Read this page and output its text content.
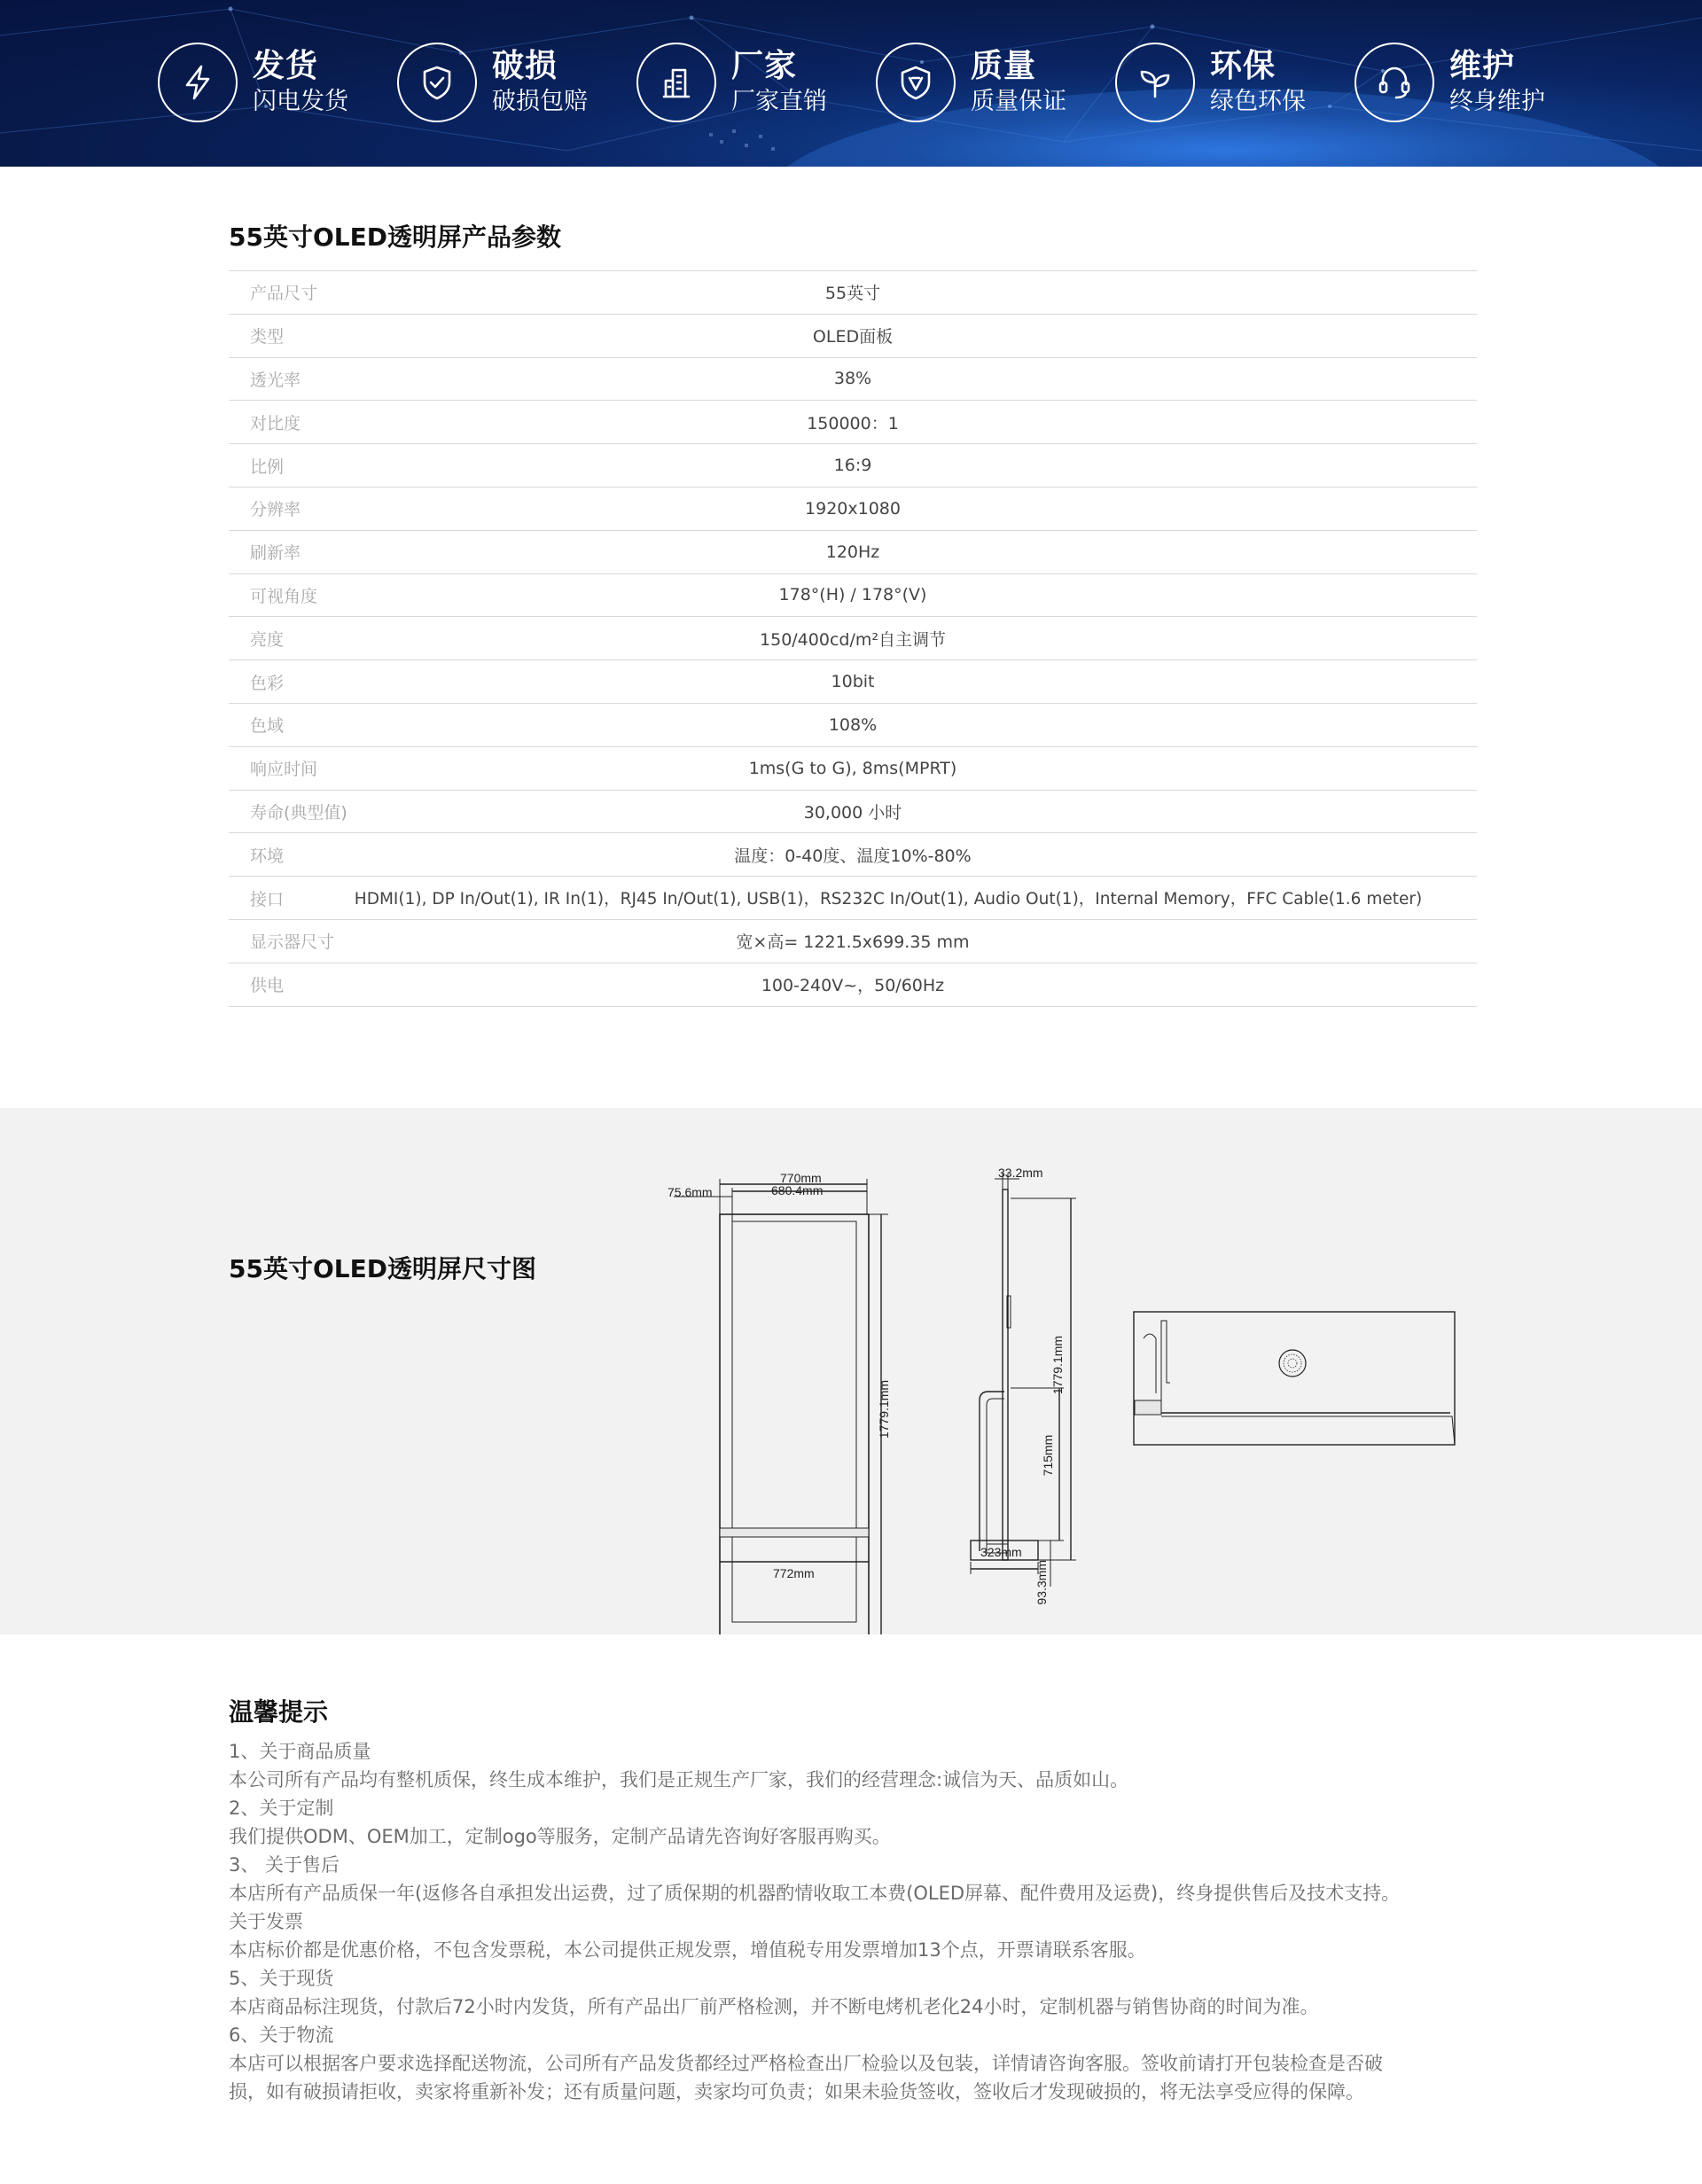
发货
闪电发货
破损
破损包赔
厂家
厂家直销
质量
质量保证
环保
绿色环保
维护
终身维护
55英寸OLED透明屏产品参数
产品尺寸	55英寸
类型	OLED面板
透光率	38%
对比度	150000：1
比例	16:9
分辨率	1920x1080
刷新率	120Hz
可视角度	178°(H) / 178°(V)
亮度	150/400cd/m²自主调节
色彩	10bit
色域	108%
响应时间	1ms(G to G), 8ms(MPRT)
寿命(典型值)	30,000 小时
环境	温度：0-40度、温度10%-80%
接口	HDMI(1), DP In/Out(1), IR In(1)，RJ45 In/Out(1), USB(1)，RS232C In/Out(1), Audio Out(1)，Internal Memory，FFC Cable(1.6 meter)
显示器尺寸	宽×高= 1221.5x699.35 mm
供电	100-240V~，50/60Hz
55英寸OLED透明屏尺寸图
770mm
680.4mm
75.6mm
1779.1mm
772mm
33.2mm
1779.1mm
715mm
323mm
93.3mm
温馨提示

1、关于商品质量

本公司所有产品均有整机质保，终生成本维护，我们是正规生产厂家，我们的经营理念:诚信为天、品质如山。

2、关于定制

我们提供ODM、OEM加工，定制ogo等服务，定制产品请先咨询好客服再购买。

3、 关于售后

本店所有产品质保一年(返修各自承担发出运费，过了质保期的机器酌情收取工本费(OLED屏幕、配件费用及运费)，终身提供售后及技术支持。

关于发票

本店标价都是优惠价格，不包含发票税，本公司提供正规发票，增值税专用发票增加13个点，开票请联系客服。

5、关于现货

本店商品标注现货，付款后72小时内发货，所有产品出厂前严格检测，并不断电烤机老化24小时，定制机器与销售协商的时间为准。

6、关于物流

本店可以根据客户要求选择配送物流，公司所有产品发货都经过严格检查出厂检验以及包装，详情请咨询客服。签收前请打开包装检查是否破

损，如有破损请拒收，卖家将重新补发；还有质量问题，卖家均可负责；如果未验货签收，签收后才发现破损的，将无法享受应得的保障。
